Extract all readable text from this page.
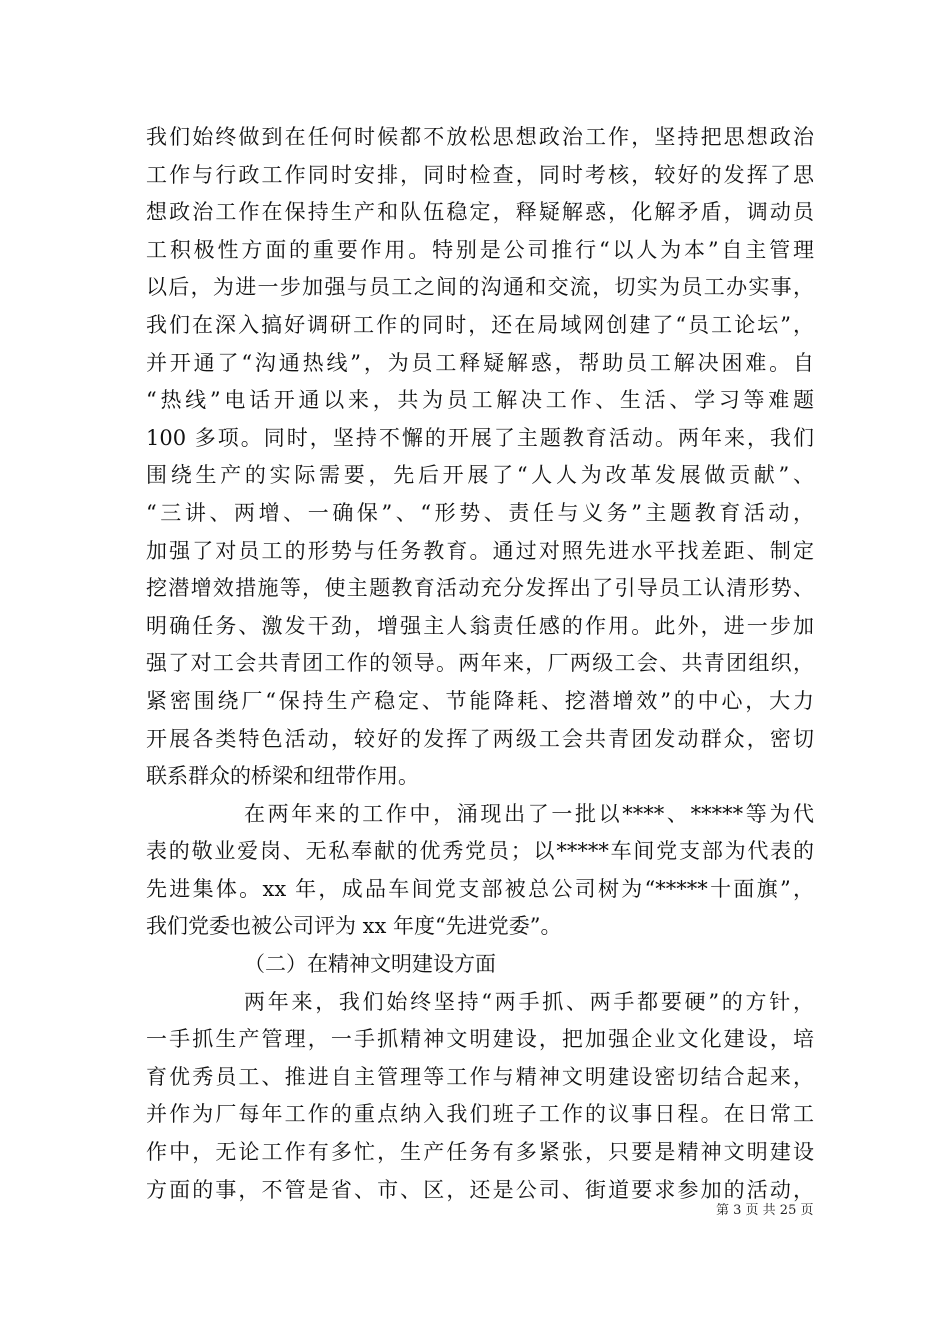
我们始终做到在任何时候都不放松思想政治工作，坚持把思想政治
工作与行政工作同时安排，同时检查，同时考核，较好的发挥了思
想政治工作在保持生产和队伍稳定，释疑解惑，化解矛盾，调动员
工积极性方面的重要作用。特别是公司推行“以人为本”自主管理
以后，为进一步加强与员工之间的沟通和交流，切实为员工办实事，
我们在深入搞好调研工作的同时，还在局域网创建了“员工论坛”，
并开通了“沟通热线”，为员工释疑解惑，帮助员工解决困难。自
“热线”电话开通以来，共为员工解决工作、生活、学习等难题
100 多项。同时，坚持不懈的开展了主题教育活动。两年来，我们
围绕生产的实际需要，先后开展了“人人为改革发展做贡献”、
“三讲、两增、一确保”、“形势、责任与义务”主题教育活动，
加强了对员工的形势与任务教育。通过对照先进水平找差距、制定
挖潜增效措施等，使主题教育活动充分发挥出了引导员工认清形势、
明确任务、激发干劲，增强主人翁责任感的作用。此外，进一步加
强了对工会共青团工作的领导。两年来，厂两级工会、共青团组织，
紧密围绕厂“保持生产稳定、节能降耗、挖潜增效”的中心，大力
开展各类特色活动，较好的发挥了两级工会共青团发动群众，密切
联系群众的桥梁和纽带作用。
在两年来的工作中，涌现出了一批以****、*****等为代
表的敬业爱岗、无私奉献的优秀党员；以*****车间党支部为代表的
先进集体。xx 年，成品车间党支部被总公司树为“*****十面旗”，
我们党委也被公司评为 xx 年度“先进党委”。
（二）在精神文明建设方面
两年来，我们始终坚持“两手抓、两手都要硬”的方针，
一手抓生产管理，一手抓精神文明建设，把加强企业文化建设，培
育优秀员工、推进自主管理等工作与精神文明建设密切结合起来，
并作为厂每年工作的重点纳入我们班子工作的议事日程。在日常工
作中，无论工作有多忙，生产任务有多紧张，只要是精神文明建设
方面的事，不管是省、市、区，还是公司、街道要求参加的活动，
第 3 页 共 25 页
